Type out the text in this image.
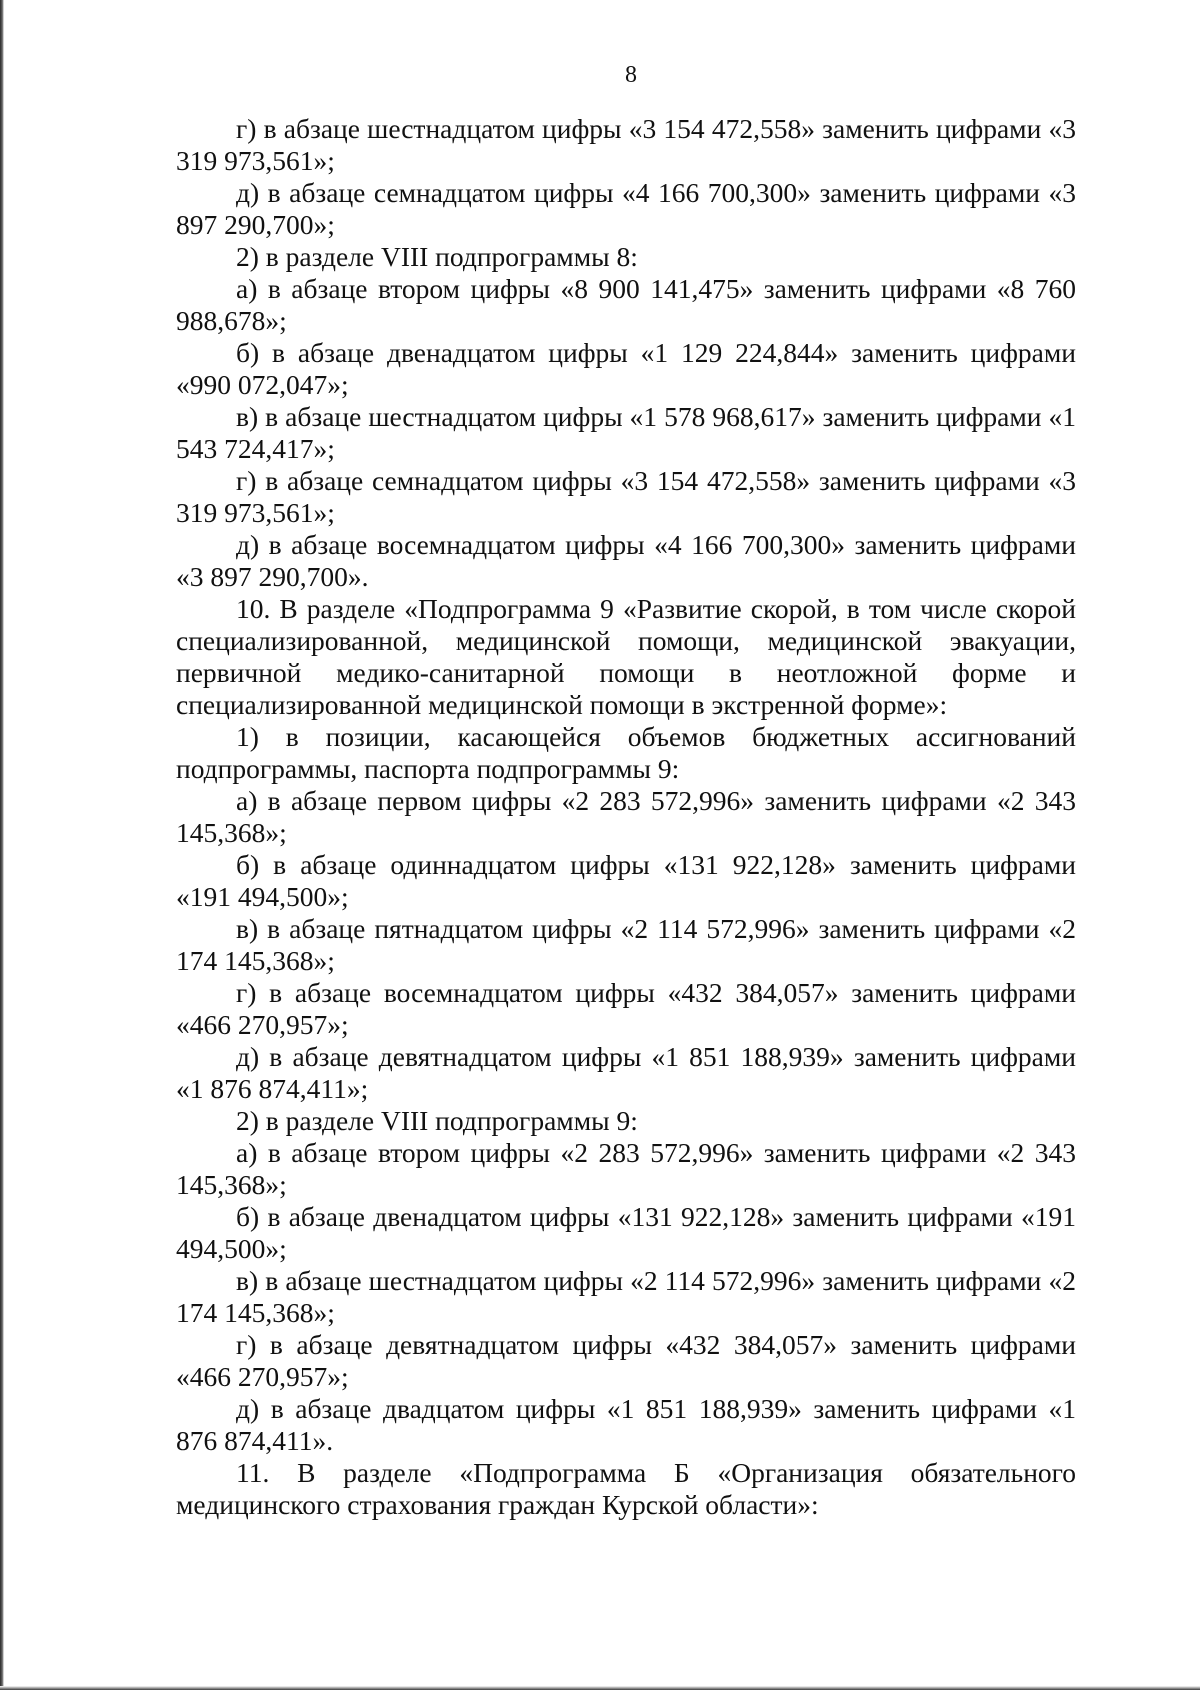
8

г) в абзаце шестнадцатом цифры «3 154 472,558» заменить цифрами «3 319 973,561»;

д) в абзаце семнадцатом цифры «4 166 700,300» заменить цифрами «3 897 290,700»;

2) в разделе VIII подпрограммы 8:

а) в абзаце втором цифры «8 900 141,475» заменить цифрами «8 760 988,678»;

б) в абзаце двенадцатом цифры «1 129 224,844» заменить цифрами «990 072,047»;

в) в абзаце шестнадцатом цифры «1 578 968,617» заменить цифрами «1 543 724,417»;

г) в абзаце семнадцатом цифры «3 154 472,558» заменить цифрами «3 319 973,561»;

д) в абзаце восемнадцатом цифры «4 166 700,300» заменить цифрами «3 897 290,700».

10. В разделе «Подпрограмма 9 «Развитие скорой, в том числе скорой специализированной, медицинской помощи, медицинской эвакуации, первичной медико-санитарной помощи в неотложной форме и специализированной медицинской помощи в экстренной форме»:

1) в позиции, касающейся объемов бюджетных ассигнований подпрограммы, паспорта подпрограммы 9:

а) в абзаце первом цифры «2 283 572,996» заменить цифрами «2 343 145,368»;

б) в абзаце одиннадцатом цифры «131 922,128» заменить цифрами «191 494,500»;

в) в абзаце пятнадцатом цифры «2 114 572,996» заменить цифрами «2 174 145,368»;

г) в абзаце восемнадцатом цифры «432 384,057» заменить цифрами «466 270,957»;

д) в абзаце девятнадцатом цифры «1 851 188,939» заменить цифрами «1 876 874,411»;

2) в разделе VIII подпрограммы 9:

а) в абзаце втором цифры «2 283 572,996» заменить цифрами «2 343 145,368»;

б) в абзаце двенадцатом цифры «131 922,128» заменить цифрами «191 494,500»;

в) в абзаце шестнадцатом цифры «2 114 572,996» заменить цифрами «2 174 145,368»;

г) в абзаце девятнадцатом цифры «432 384,057» заменить цифрами «466 270,957»;

д) в абзаце двадцатом цифры «1 851 188,939» заменить цифрами «1 876 874,411».

11. В разделе «Подпрограмма Б «Организация обязательного медицинского страхования граждан Курской области»:
